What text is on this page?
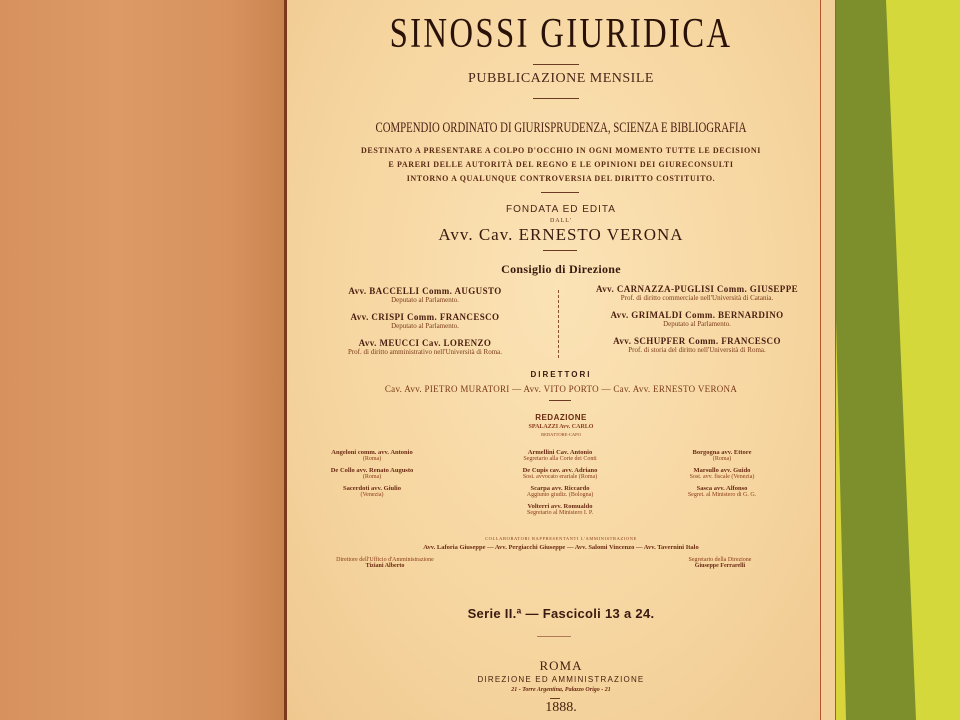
SINOSSI GIURIDICA
PUBBLICAZIONE MENSILE
COMPENDIO ORDINATO DI GIURISPRUDENZA, SCIENZA E BIBLIOGRAFIA
DESTINATO A PRESENTARE A COLPO D'OCCHIO IN OGNI MOMENTO TUTTE LE DECISIONI
E PARERI DELLE AUTORITÀ DEL REGNO E LE OPINIONI DEI GIURECONSULTI
INTORNO A QUALUNQUE CONTROVERSIA DEL DIRITTO COSTITUITO.
FONDATA ED EDITA
DALL'
Avv. Cav. ERNESTO VERONA
Consiglio di Direzione
Avv. BACCELLI Comm. AUGUSTO
Deputato al Parlamento.
Avv. CRISPI Comm. FRANCESCO
Deputato al Parlamento.
Avv. MEUCCI Cav. LORENZO
Prof. di diritto amministrativo nell'Università di Roma.
Avv. CARNAZZA-PUGLISI Comm. GIUSEPPE
Prof. di diritto commerciale nell'Università di Catania.
Avv. GRIMALDI Comm. BERNARDINO
Deputato al Parlamento.
Avv. SCHUPFER Comm. FRANCESCO
Prof. di storia del diritto nell'Università di Roma.
DIRETTORI
Cav. Avv. PIETRO MURATORI — Avv. VITO PORTO — Cav. Avv. ERNESTO VERONA
REDAZIONE
SPALAZZI Avv. CARLO
REDATTORE-CAPO
Angeloni comm. avv. Antonio
(Roma)
De Collo avv. Renato Augusto
(Roma)
Sacerdoti avv. Giulio
(Venezia)
Armellini Cav. Antonio
Segretario alla Corte dei Conti
De Cupis cav. avv. Adriano
Sost. avvocato erariale (Roma)
Scarpa avv. Riccardo
Aggiunto giudiz. (Bologna)
Volterri avv. Romualdo
Segretario al Ministero I. P.
Borgogna avv. Ettore
(Roma)
Marsullo avv. Guido
Sost. avv. fiscale (Venezia)
Sasca avv. Alfonso
Segret. al Ministero di G. G.
COLLABORATORI RAPPRESENTANTI L'AMMINISTRAZIONE
Avv. Laforia Giuseppe — Avv. Pergiacchi Giuseppe — Avv. Salomi Vincenzo — Avv. Tavernini Italo
Direttore dell'Ufficio d'Amministrazione
Tiziani Alberto
Segretario della Direzione
Giuseppe Ferrarelli
Serie II.ª — Fascicoli 13 a 24.
ROMA
DIREZIONE ED AMMINISTRAZIONE
21 - Torre Argentina, Palazzo Origo - 21
1888.
